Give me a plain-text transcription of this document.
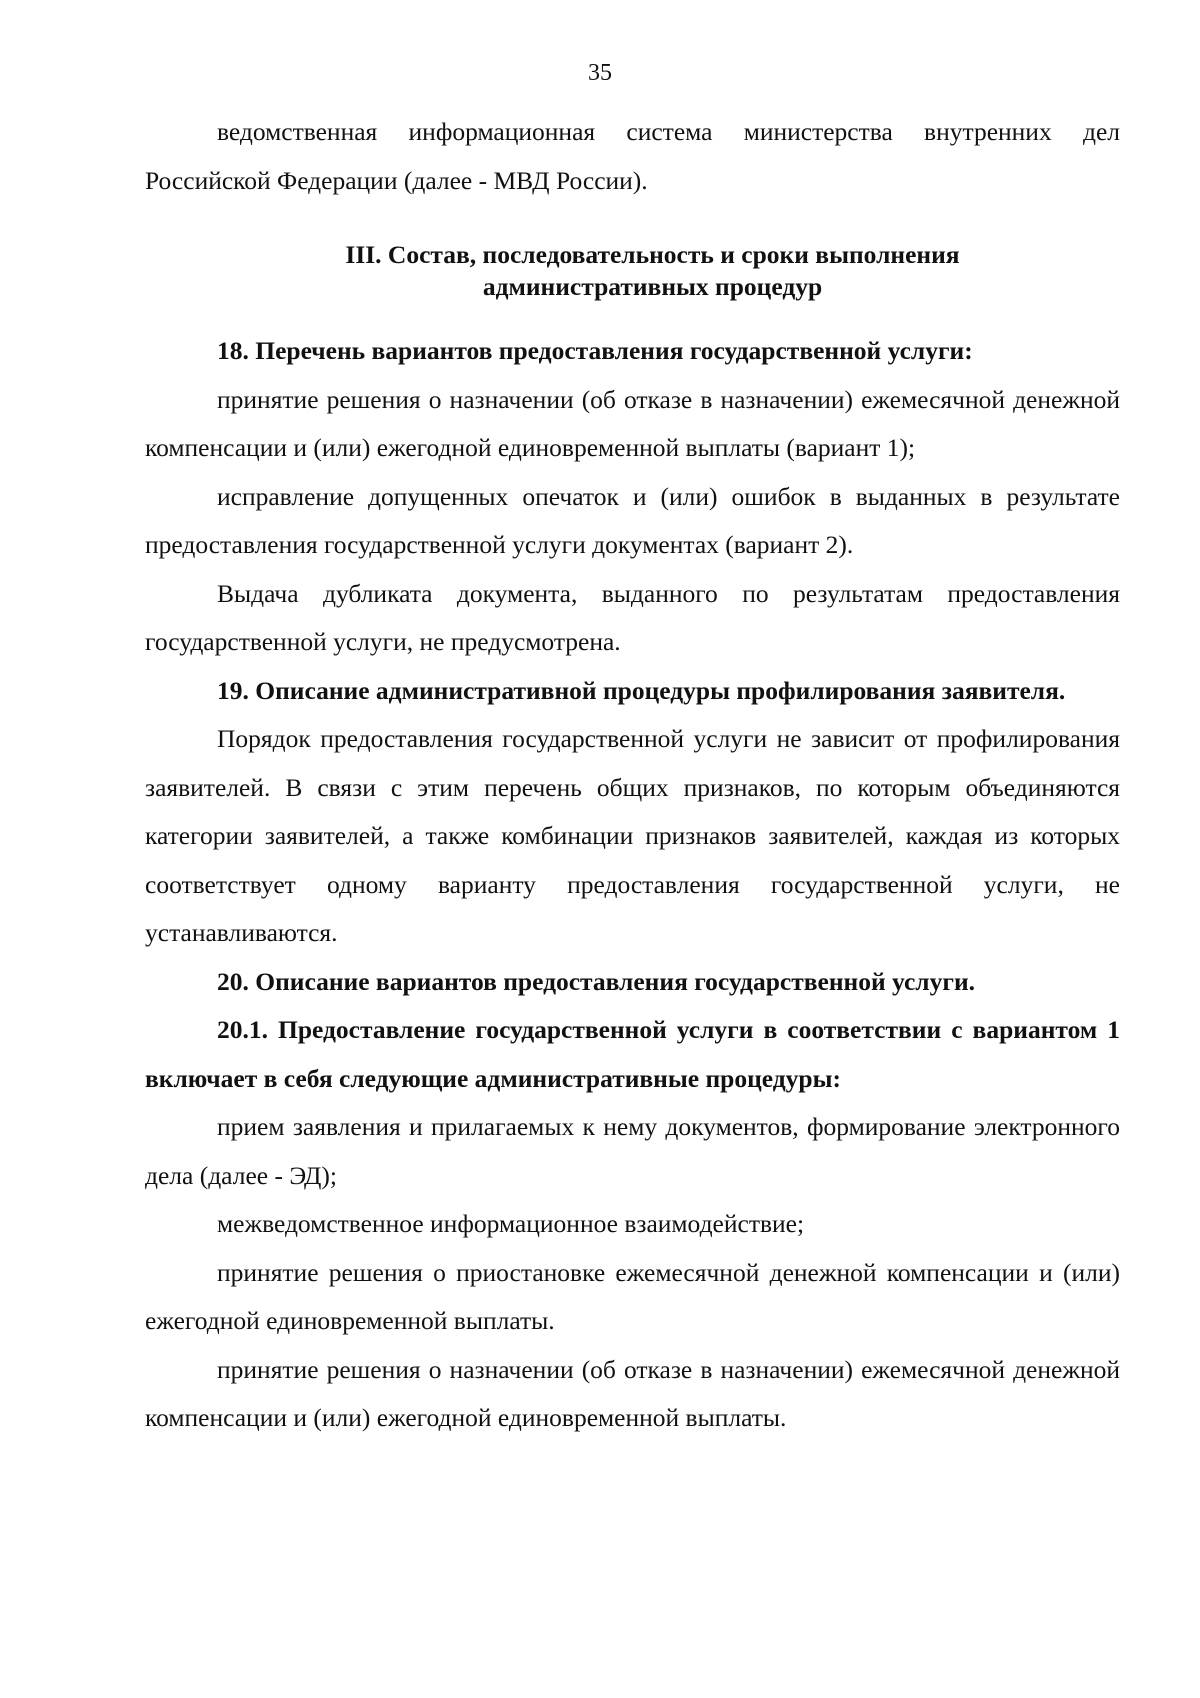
35

ведомственная информационная система министерства внутренних дел Российской Федерации (далее - МВД России).

III. Состав, последовательность и сроки выполнения
административных процедур

18. Перечень вариантов предоставления государственной услуги:

принятие решения о назначении (об отказе в назначении) ежемесячной денежной компенсации и (или) ежегодной единовременной выплаты (вариант 1);

исправление допущенных опечаток и (или) ошибок в выданных в результате предоставления государственной услуги документах (вариант 2).

Выдача дубликата документа, выданного по результатам предоставления государственной услуги, не предусмотрена.

19. Описание административной процедуры профилирования заявителя.

Порядок предоставления государственной услуги не зависит от профилирования заявителей. В связи с этим перечень общих признаков, по которым объединяются категории заявителей, а также комбинации признаков заявителей, каждая из которых соответствует одному варианту предоставления государственной услуги, не устанавливаются.

20. Описание вариантов предоставления государственной услуги.

20.1. Предоставление государственной услуги в соответствии с вариантом 1 включает в себя следующие административные процедуры:

прием заявления и прилагаемых к нему документов, формирование электронного дела (далее - ЭД);

межведомственное информационное взаимодействие;

принятие решения о приостановке ежемесячной денежной компенсации и (или) ежегодной единовременной выплаты.

принятие решения о назначении (об отказе в назначении) ежемесячной денежной компенсации и (или) ежегодной единовременной выплаты.
